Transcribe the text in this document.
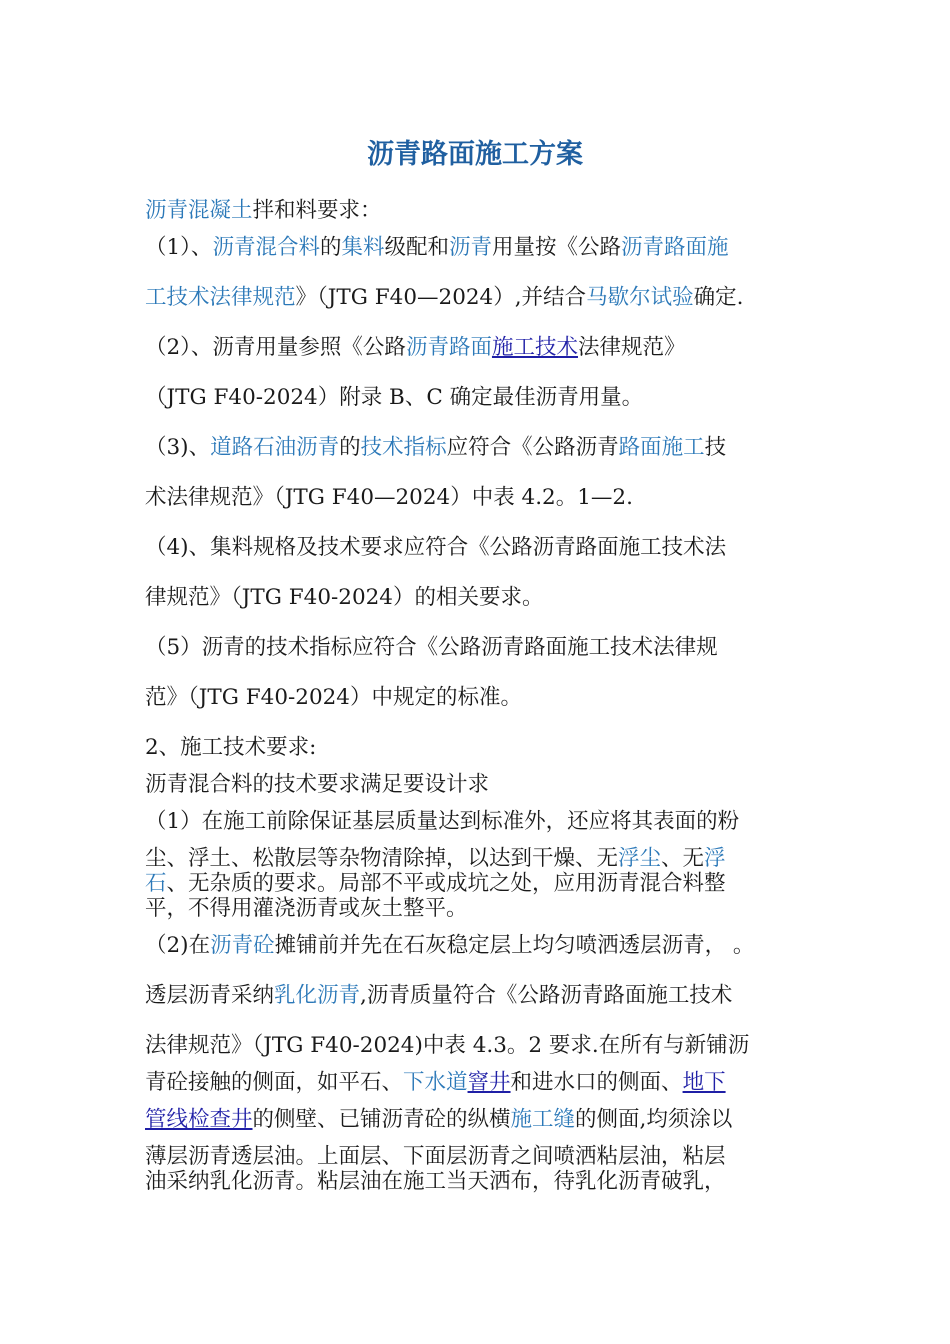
沥青路面施工方案
沥青混凝土拌和料要求：
（1）、沥青混合料的集料级配和沥青用量按《公路沥青路面施
工技术法律规范》（JTG F40—2024）,并结合马歇尔试验确定.
（2）、沥青用量参照《公路沥青路面施工技术法律规范》
（JTG F40-2024）附录 B、C 确定最佳沥青用量。
（3)、道路石油沥青的技术指标应符合《公路沥青路面施工技
术法律规范》（JTG F40—2024）中表 4.2。1—2.
（4)、集料规格及技术要求应符合《公路沥青路面施工技术法
律规范》（JTG F40-2024）的相关要求。
（5）沥青的技术指标应符合《公路沥青路面施工技术法律规
范》（JTG F40-2024）中规定的标准。
2、施工技术要求:
沥青混合料的技术要求满足要设计求
（1）在施工前除保证基层质量达到标准外，还应将其表面的粉
尘、浮土、松散层等杂物清除掉，以达到干燥、无浮尘、无浮
石、无杂质的要求。局部不平或成坑之处，应用沥青混合料整
平，不得用灌浇沥青或灰土整平。
（2)在沥青砼摊铺前并先在石灰稳定层上均匀喷洒透层沥青， 。
透层沥青采纳乳化沥青,沥青质量符合《公路沥青路面施工技术
法律规范》（JTG F40-2024)中表 4.3。2 要求.在所有与新铺沥
青砼接触的侧面，如平石、下水道窨井和进水口的侧面、地下
管线检查井的侧壁、已铺沥青砼的纵横施工缝的侧面,均须涂以
薄层沥青透层油。上面层、下面层沥青之间喷洒粘层油，粘层
油采纳乳化沥青。粘层油在施工当天洒布，待乳化沥青破乳，
